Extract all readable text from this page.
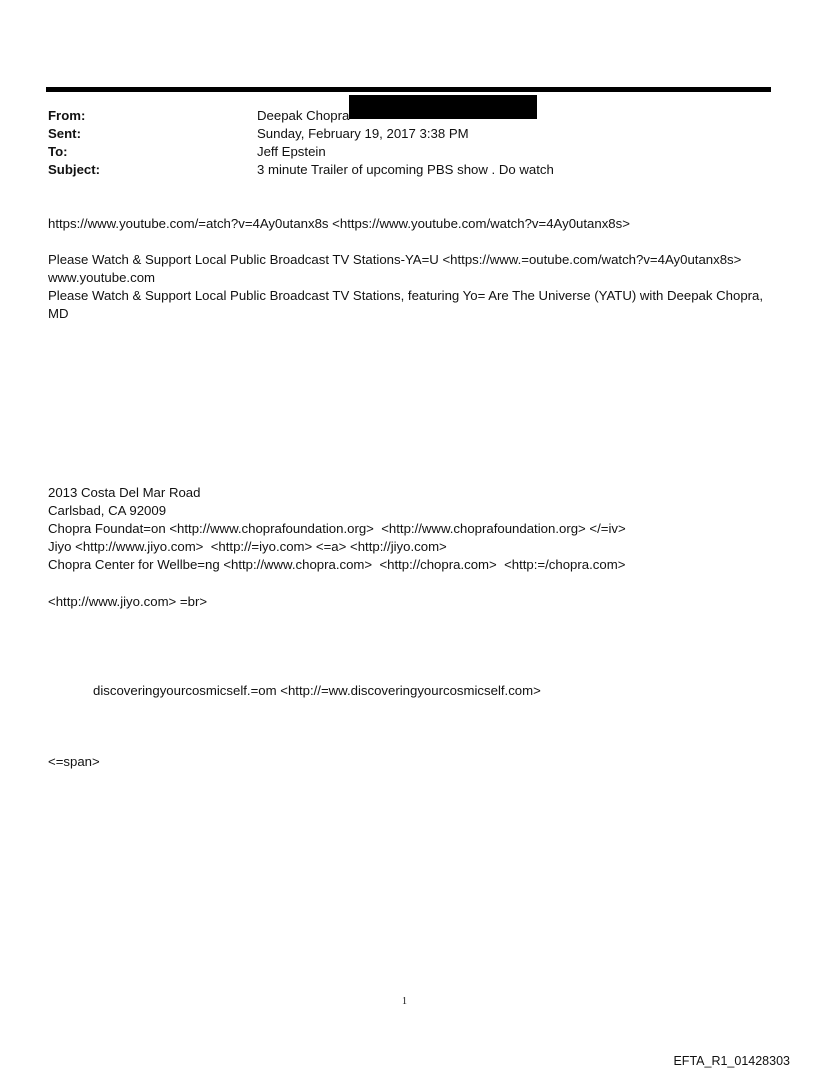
From:	Deepak Chopra
Sent:	Sunday, February 19, 2017 3:38 PM
To:	Jeff Epstein
Subject:	3 minute Trailer of upcoming PBS show . Do watch
https://www.youtube.com/=atch?v=4Ay0utanx8s <https://www.youtube.com/watch?v=4Ay0utanx8s>
Please Watch & Support Local Public Broadcast TV Stations-YA=U <https://www.=outube.com/watch?v=4Ay0utanx8s>
www.youtube.com
Please Watch & Support Local Public Broadcast TV Stations, featuring Yo= Are The Universe (YATU) with Deepak Chopra, MD
2013 Costa Del Mar Road
Carlsbad, CA 92009
Chopra Foundat=on <http://www.choprafoundation.org>  <http://www.choprafoundation.org> </=iv>
Jiyo <http://www.jiyo.com>  <http://=iyo.com> <=a> <http://jiyo.com>
Chopra Center for Wellbe=ng <http://www.chopra.com>  <http://chopra.com>  <http:=/chopra.com>
<http://www.jiyo.com> =br>
discoveringyourcosmicself.=om <http://=ww.discoveringyourcosmicself.com>
<=span>
1
EFTA_R1_01428303
